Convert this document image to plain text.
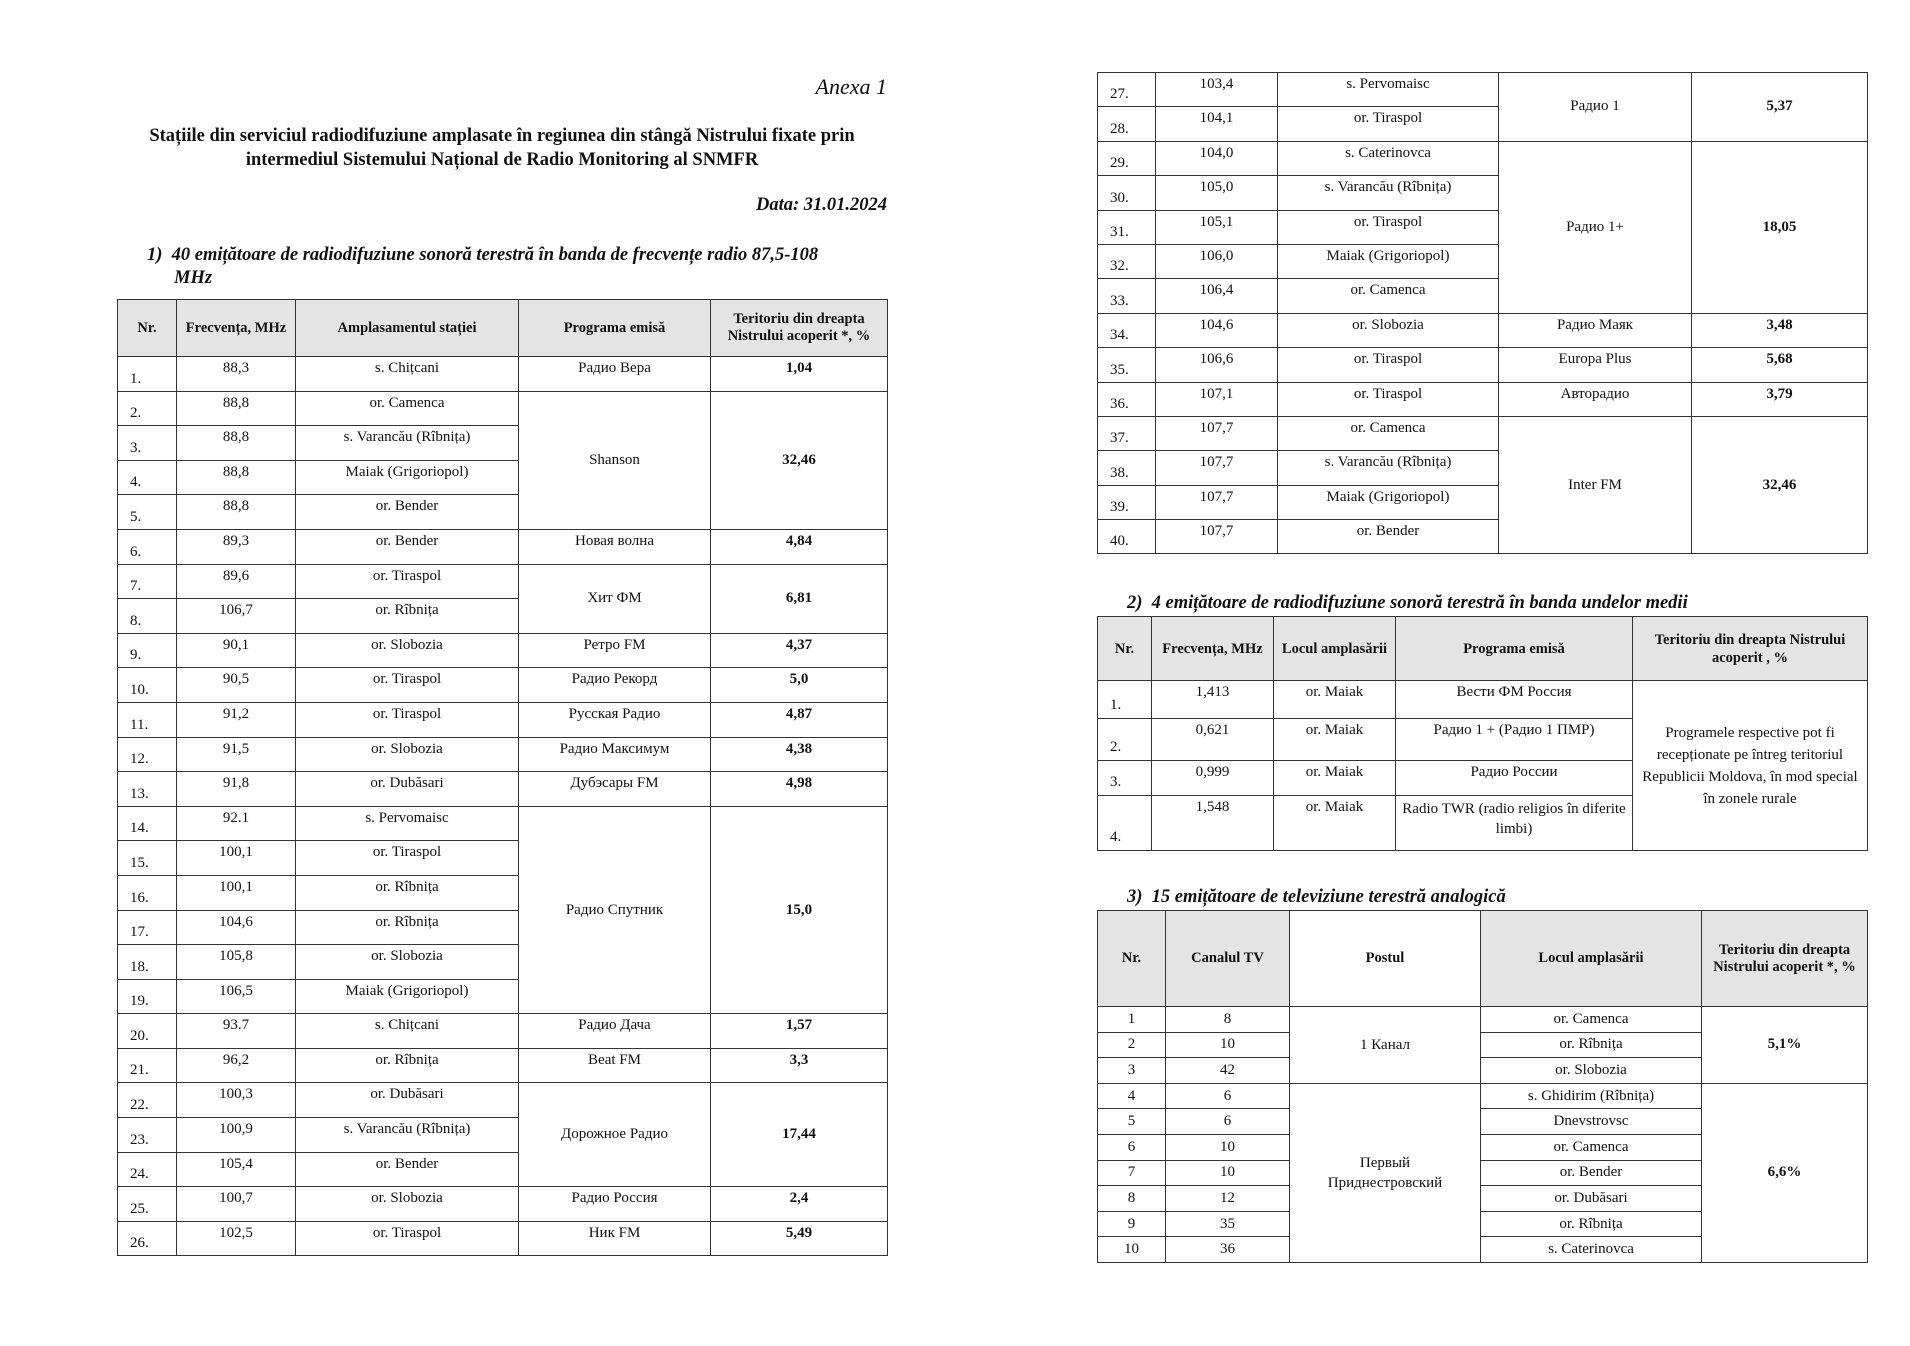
Anexa 1
Stațiile din serviciul radiodifuziune amplasate în regiunea din stângă Nistrului fixate prin
intermediul Sistemului Național de Radio Monitoring al SNMFR
Data: 31.01.2024
1) 40 emițătoare de radiodifuziune sonoră terestră în banda de frecvențe radio 87,5-108
MHz
Nr.	Frecvența, MHz	Amplasamentul stației	Programa emisă	Teritoriu din dreapta Nistrului acoperit *, %
1.	88,3	s. Chițcani	Радио Вера	1,04
2.	88,8	or. Camenca	Shanson	32,46
3.	88,8	s. Varancău (Rîbnița)		
4.	88,8	Maiak (Grigoriopol)		
5.	88,8	or. Bender		
6.	89,3	or. Bender	Новая волна	4,84
7.	89,6	or. Tiraspol	Хит ФМ	6,81
8.	106,7	or. Rîbnița		
9.	90,1	or. Slobozia	Ретро FM	4,37
10.	90,5	or. Tiraspol	Радио Рекорд	5,0
11.	91,2	or. Tiraspol	Русская Радио	4,87
12.	91,5	or. Slobozia	Радио Максимум	4,38
13.	91,8	or. Dubăsari	Дубэсары FM	4,98
14.	92.1	s. Pervomaisc	Радио Спутник	15,0
15.	100,1	or. Tiraspol		
16.	100,1	or. Rîbnița		
17.	104,6	or. Rîbnița		
18.	105,8	or. Slobozia		
19.	106,5	Maiak (Grigoriopol)		
20.	93.7	s. Chițcani	Радио Дача	1,57
21.	96,2	or. Rîbnița	Beat FM	3,3
22.	100,3	or. Dubăsari	Дорожное Радио	17,44
23.	100,9	s. Varancău (Rîbnița)		
24.	105,4	or. Bender		
25.	100,7	or. Slobozia	Радио Россия	2,4
26.	102,5	or. Tiraspol	Ник FM	5,49
27.	103,4	s. Pervomaisc	Радио 1	5,37
28.	104,1	or. Tiraspol		
29.	104,0	s. Caterinovca	Радио 1+	18,05
30.	105,0	s. Varancău (Rîbnița)		
31.	105,1	or. Tiraspol		
32.	106,0	Maiak (Grigoriopol)		
33.	106,4	or. Camenca		
34.	104,6	or. Slobozia	Радио Маяк	3,48
35.	106,6	or. Tiraspol	Europa Plus	5,68
36.	107,1	or. Tiraspol	Авторадио	3,79
37.	107,7	or. Camenca	Inter FM	32,46
38.	107,7	s. Varancău (Rîbnița)		
39.	107,7	Maiak (Grigoriopol)		
40.	107,7	or. Bender		
2) 4 emițătoare de radiodifuziune sonoră terestră în banda undelor medii
Nr.	Frecvența, MHz	Locul amplasării	Programa emisă	Teritoriu din dreapta Nistrului acoperit , %
1.	1,413	or. Maiak	Вести ФМ Россия	Programele respective pot fi recepționate pe întreg teritoriul Republicii Moldova, în mod special în zonele rurale
2.	0,621	or. Maiak	Радио 1 + (Радио 1 ПМР)	
3.	0,999	or. Maiak	Радио России	
4.	1,548	or. Maiak	Radio TWR (radio religios în diferite limbi)	
3) 15 emițătoare de televiziune terestră analogică
Nr.	Canalul TV	Postul	Locul amplasării	Teritoriu din dreapta Nistrului acoperit *, %
1	8	1 Канал	or. Camenca	5,1%
2	10		or. Rîbnița	
3	42		or. Slobozia	
4	6	Первый Приднестровский	s. Ghidirim (Rîbnița)	6,6%
5	6		Dnevstrovsc	
6	10		or. Camenca	
7	10		or. Bender	
8	12		or. Dubăsari	
9	35		or. Rîbnița	
10	36		s. Caterinovca	
